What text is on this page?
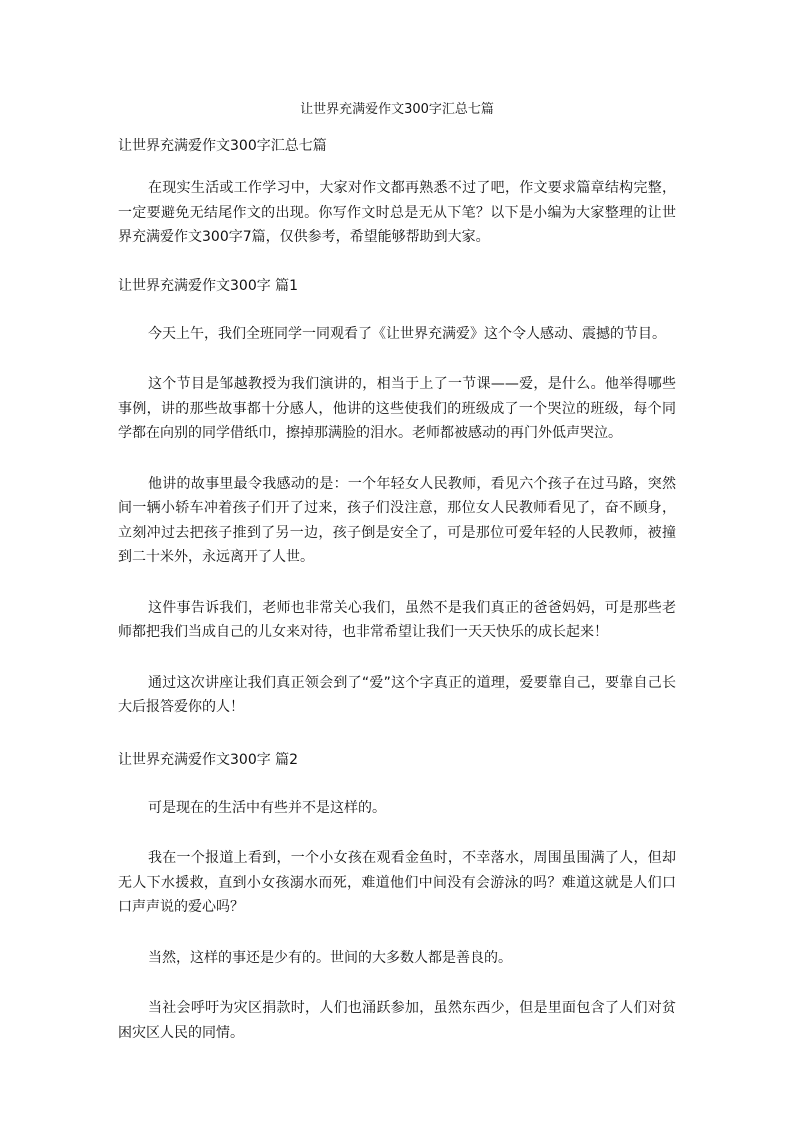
让世界充满爱作文300字汇总七篇

让世界充满爱作文300字汇总七篇

在现实生活或工作学习中，大家对作文都再熟悉不过了吧，作文要求篇章结构完整，一定要避免无结尾作文的出现。你写作文时总是无从下笔？以下是小编为大家整理的让世界充满爱作文300字7篇，仅供参考，希望能够帮助到大家。

让世界充满爱作文300字 篇1

今天上午，我们全班同学一同观看了《让世界充满爱》这个令人感动、震撼的节目。

这个节目是邹越教授为我们演讲的，相当于上了一节课——爱，是什么。他举得哪些事例，讲的那些故事都十分感人，他讲的这些使我们的班级成了一个哭泣的班级，每个同学都在向别的同学借纸巾，擦掉那满脸的泪水。老师都被感动的再门外低声哭泣。

他讲的故事里最令我感动的是：一个年轻女人民教师，看见六个孩子在过马路，突然间一辆小轿车冲着孩子们开了过来，孩子们没注意，那位女人民教师看见了，奋不顾身，立刻冲过去把孩子推到了另一边，孩子倒是安全了，可是那位可爱年轻的人民教师，被撞到二十米外，永远离开了人世。

这件事告诉我们，老师也非常关心我们，虽然不是我们真正的爸爸妈妈，可是那些老师都把我们当成自己的儿女来对待，也非常希望让我们一天天快乐的成长起来！

通过这次讲座让我们真正领会到了“爱”这个字真正的道理，爱要靠自己，要靠自己长大后报答爱你的人！

让世界充满爱作文300字 篇2

可是现在的生活中有些并不是这样的。

我在一个报道上看到，一个小女孩在观看金鱼时，不幸落水，周围虽围满了人，但却无人下水援救，直到小女孩溺水而死，难道他们中间没有会游泳的吗？难道这就是人们口口声声说的爱心吗？

当然，这样的事还是少有的。世间的大多数人都是善良的。

当社会呼吁为灾区捐款时，人们也涌跃参加，虽然东西少，但是里面包含了人们对贫困灾区人民的同情。
